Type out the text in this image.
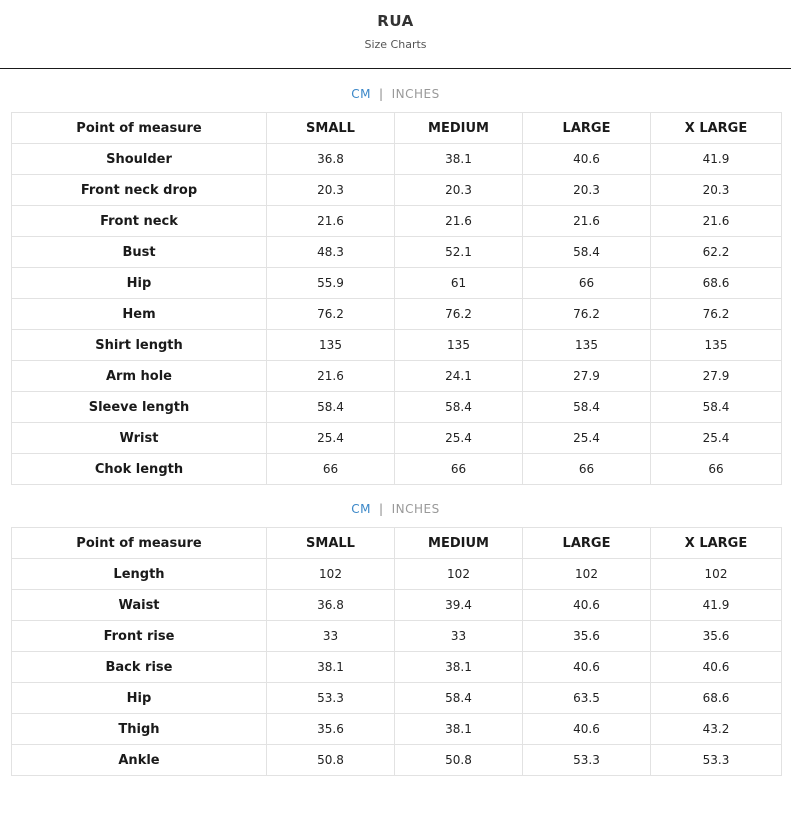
RUA
Size Charts
CM | INCHES
Point of measure	SMALL	MEDIUM	LARGE	X LARGE
Shoulder	36.8	38.1	40.6	41.9
Front neck drop	20.3	20.3	20.3	20.3
Front neck	21.6	21.6	21.6	21.6
Bust	48.3	52.1	58.4	62.2
Hip	55.9	61	66	68.6
Hem	76.2	76.2	76.2	76.2
Shirt length	135	135	135	135
Arm hole	21.6	24.1	27.9	27.9
Sleeve length	58.4	58.4	58.4	58.4
Wrist	25.4	25.4	25.4	25.4
Chok length	66	66	66	66
CM | INCHES
Point of measure	SMALL	MEDIUM	LARGE	X LARGE
Length	102	102	102	102
Waist	36.8	39.4	40.6	41.9
Front rise	33	33	35.6	35.6
Back rise	38.1	38.1	40.6	40.6
Hip	53.3	58.4	63.5	68.6
Thigh	35.6	38.1	40.6	43.2
Ankle	50.8	50.8	53.3	53.3
